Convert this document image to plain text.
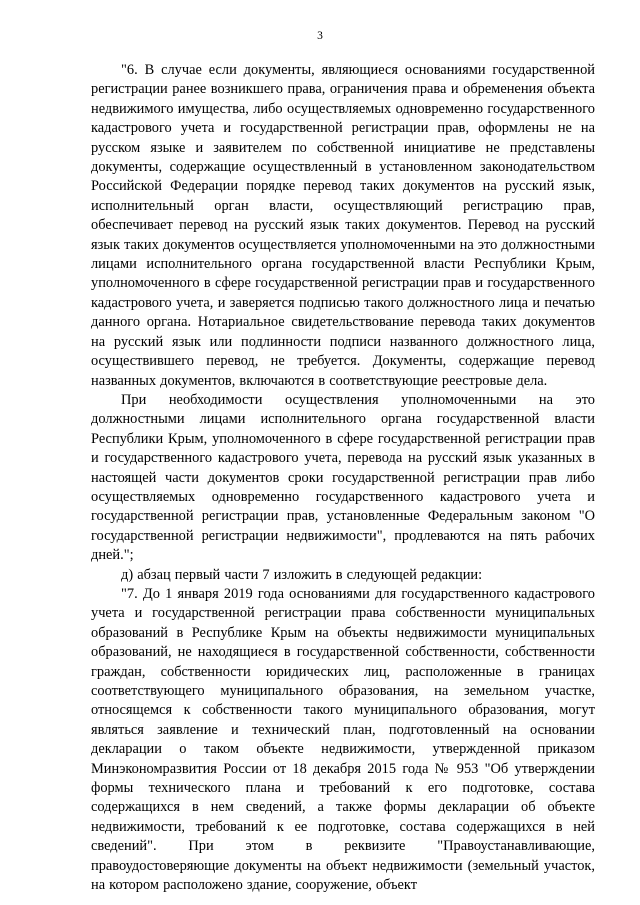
3

"6. В случае если документы, являющиеся основаниями государственной регистрации ранее возникшего права, ограничения права и обременения объекта недвижимого имущества, либо осуществляемых одновременно государственного кадастрового учета и государственной регистрации прав, оформлены не на русском языке и заявителем по собственной инициативе не представлены документы, содержащие осуществленный в установленном законодательством Российской Федерации порядке перевод таких документов на русский язык, исполнительный орган власти, осуществляющий регистрацию прав, обеспечивает перевод на русский язык таких документов. Перевод на русский язык таких документов осуществляется уполномоченными на это должностными лицами исполнительного органа государственной власти Республики Крым, уполномоченного в сфере государственной регистрации прав и государственного кадастрового учета, и заверяется подписью такого должностного лица и печатью данного органа. Нотариальное свидетельствование перевода таких документов на русский язык или подлинности подписи названного должностного лица, осуществившего перевод, не требуется. Документы, содержащие перевод названных документов, включаются в соответствующие реестровые дела.

При необходимости осуществления уполномоченными на это должностными лицами исполнительного органа государственной власти Республики Крым, уполномоченного в сфере государственной регистрации прав и государственного кадастрового учета, перевода на русский язык указанных в настоящей части документов сроки государственной регистрации прав либо осуществляемых одновременно государственного кадастрового учета и государственной регистрации прав, установленные Федеральным законом "О государственной регистрации недвижимости", продлеваются на пять рабочих дней.";

д) абзац первый части 7 изложить в следующей редакции:

"7. До 1 января 2019 года основаниями для государственного кадастрового учета и государственной регистрации права собственности муниципальных образований в Республике Крым на объекты недвижимости муниципальных образований, не находящиеся в государственной собственности, собственности граждан, собственности юридических лиц, расположенные в границах соответствующего муниципального образования, на земельном участке, относящемся к собственности такого муниципального образования, могут являться заявление и технический план, подготовленный на основании декларации о таком объекте недвижимости, утвержденной приказом Минэкономразвития России от 18 декабря 2015 года № 953 "Об утверждении формы технического плана и требований к его подготовке, состава содержащихся в нем сведений, а также формы декларации об объекте недвижимости, требований к ее подготовке, состава содержащихся в ней сведений". При этом в реквизите "Правоустанавливающие, правоудостоверяющие документы на объект недвижимости (земельный участок, на котором расположено здание, сооружение, объект
